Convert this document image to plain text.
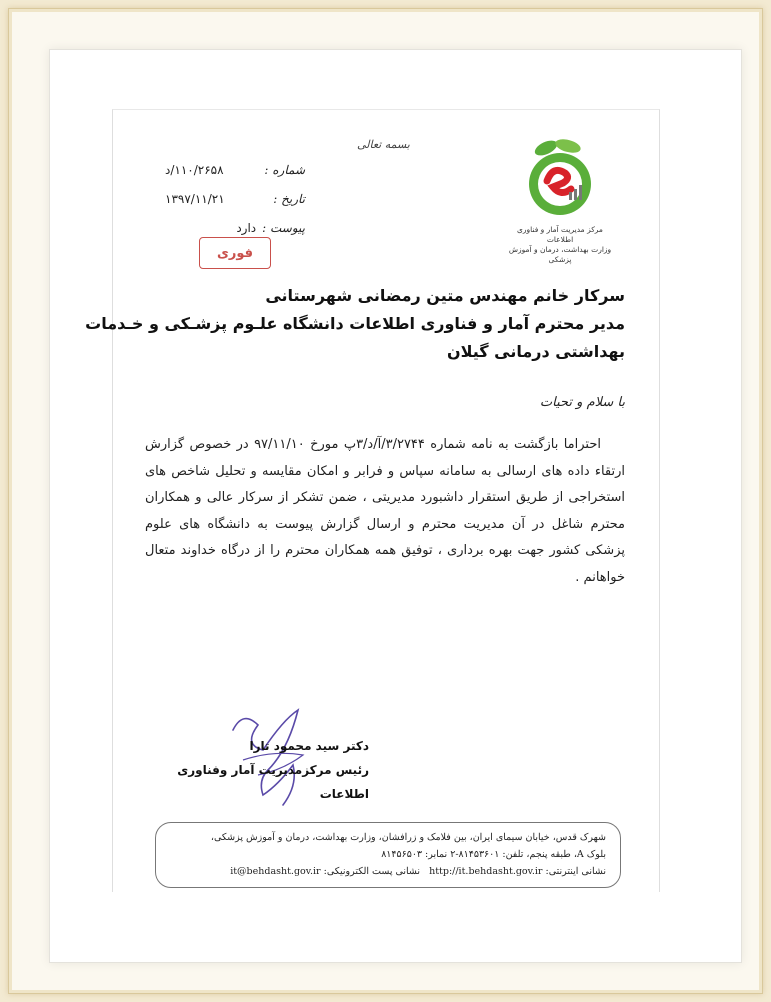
مرکز مدیریت آمار و فناوری اطلاعات
وزارت بهداشت، درمان و آموزش پزشکی
بسمه تعالی
شماره :
۱۱۰/۲۶۵۸/د
تاریخ :
۱۳۹۷/۱۱/۲۱
پیوست :
دارد
فوری
سرکار خانم مهندس متین رمضانی شهرستانی
مدیر محترم آمار و فناوری اطلاعات دانشگاه علـوم پزشـکی و خـدمات
بهداشتی درمانی گیلان
با سلام و تحیات

احتراما بازگشت به نامه شماره ۳/۲۷۴۴/آ/د/۳پ مورخ ۹۷/۱۱/۱۰ در خصوص گزارش ارتقاء داده های ارسالی به سامانه سپاس و فرابر و امکان مقایسه و تحلیل شاخص های استخراجی از طریق استقرار داشبورد مدیریتی ، ضمن تشکر از سرکار عالی و همکاران محترم شاغل در آن مدیریت محترم و ارسال گزارش پیوست به دانشگاه های علوم پزشکی کشور جهت بهره برداری ، توفیق همه همکاران محترم را از درگاه خداوند متعال خواهانم .

دکتر سید محمود تارا
رئیس مرکزمدیریت آمار وفناوری اطلاعات
شهرک قدس، خیابان سیمای ایران، بین فلامک و زرافشان، وزارت بهداشت، درمان و آموزش پزشکی،
بلوک A، طبقه پنجم، تلفن: ۸۱۴۵۳۶۰۱-۲ نمابر: ۸۱۴۵۶۵۰۳
نشانی اینترنتی: http://it.behdasht.gov.ir   نشانی پست الکترونیکی: it@behdasht.gov.ir
